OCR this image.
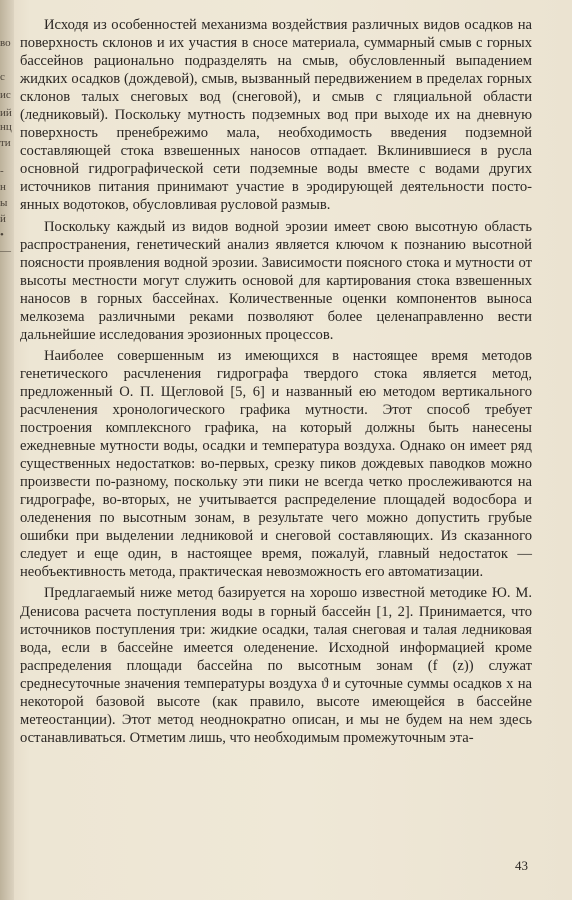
во
с
ис
ий
нц
ти
-
н
ы
й
•
—

Исходя из особенностей механизма воздействия различных видов осадков на поверхность склонов и их участия в сносе материала, суммарный смыв с горных бассейнов рационально подразделять на смыв, обусловленный выпадением жидких осадков (дождевой), смыв, вызванный передвижением в пределах горных склонов талых снеговых вод (снеговой), и смыв с гляциальной области (ледниковый). Поскольку мутность подземных вод при выходе их на дневную поверхность пренебрежимо мала, необходимость введения подземной составляющей стока взвешенных наносов отпадает. Вклинившиеся в русла основной гидрографической сети подземные воды вместе с водами других источников питания принимают участие в эродирующей деятельности постоянных водотоков, обусловливая русловой размыв.

Поскольку каждый из видов водной эрозии имеет свою высотную область распространения, генетический анализ является ключом к познанию высотной поясности проявления водной эрозии. Зависимости поясного стока и мутности от высоты местности могут служить основой для картирования стока взвешенных наносов в горных бассейнах. Количественные оценки компонентов выноса мелкозема различными реками позволяют более целенаправленно вести дальнейшие исследования эрозионных процессов.

Наиболее совершенным из имеющихся в настоящее время методов генетического расчленения гидрографа твердого стока является метод, предложенный О. П. Щегловой [5, 6] и названный ею методом вертикального расчленения хронологического графика мутности. Этот способ требует построения комплексного графика, на который должны быть нанесены ежедневные мутности воды, осадки и температура воздуха. Однако он имеет ряд существенных недостатков: во-первых, срезку пиков дождевых паводков можно произвести по-разному, поскольку эти пики не всегда четко прослеживаются на гидрографе, во-вторых, не учитывается распределение площадей водосбора и оледенения по высотным зонам, в результате чего можно допустить грубые ошибки при выделении ледниковой и снеговой составляющих. Из сказанного следует и еще один, в настоящее время, пожалуй, главный недостаток — необъективность метода, практическая невозможность его автоматизации.

Предлагаемый ниже метод базируется на хорошо известной методике Ю. М. Денисова расчета поступления воды в горный бассейн [1, 2]. Принимается, что источников поступления три: жидкие осадки, талая снеговая и талая ледниковая вода, если в бассейне имеется оледенение. Исходной информацией кроме распределения площади бассейна по высотным зонам (f (z)) служат среднесуточные значения температуры воздуха ϑ и суточные суммы осадков x на некоторой базовой высоте (как правило, высоте имеющейся в бассейне метеостанции). Этот метод неоднократно описан, и мы не будем на нем здесь останавливаться. Отметим лишь, что необходимым промежуточным эта-

43
